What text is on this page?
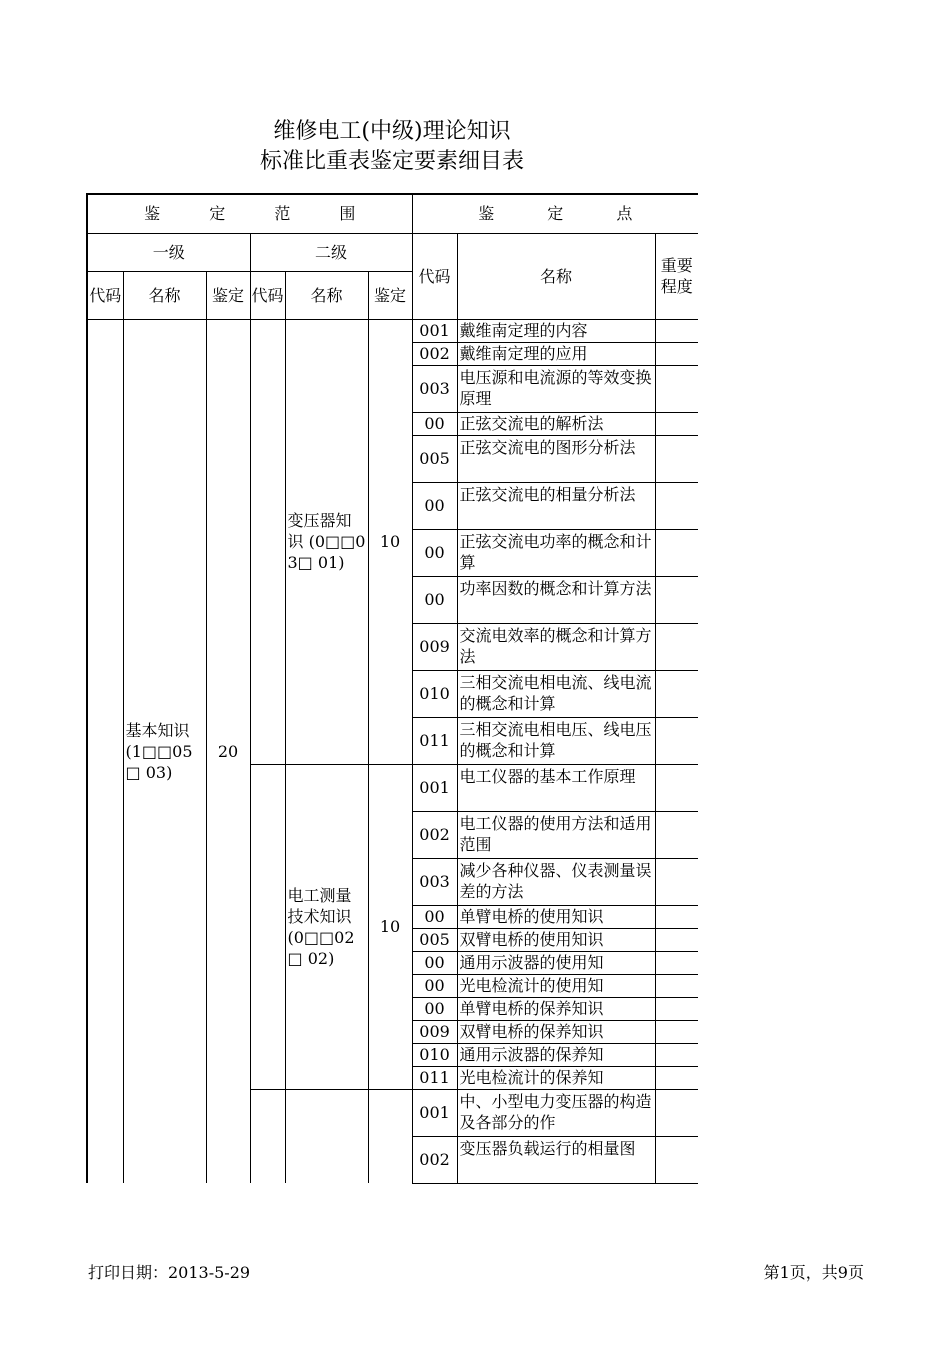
维修电工(中级)理论知识
标准比重表鉴定要素细目表
鉴 定 范 围						鉴 定 点		
一级			二级			代码	名称	重要程度
代码	名称	鉴定	代码	名称	鉴定			
	基本知识 (1□□05□ 03)	20		变压器知识 (0□□03□ 01)	10	001	戴维南定理的内容	
						002	戴维南定理的应用	
						003	电压源和电流源的等效变换原理	
						00	正弦交流电的解析法	
						005	正弦交流电的图形分析法	
						00	正弦交流电的相量分析法	
						00	正弦交流电功率的概念和计算	
						00	功率因数的概念和计算方法	
						009	交流电效率的概念和计算方法	
						010	三相交流电相电流、线电流的概念和计算	
						011	三相交流电相电压、线电压的概念和计算	
				电工测量技术知识 (0□□02□ 02)	10	001	电工仪器的基本工作原理	
						002	电工仪器的使用方法和适用范围	
						003	减少各种仪器、仪表测量误差的方法	
						00	单臂电桥的使用知识	
						005	双臂电桥的使用知识	
						00	通用示波器的使用知	
						00	光电检流计的使用知	
						00	单臂电桥的保养知识	
						009	双臂电桥的保养知识	
						010	通用示波器的保养知	
						011	光电检流计的保养知	
						001	中、小型电力变压器的构造及各部分的作	
						002	变压器负载运行的相量图	
打印日期：2013-5-29	第1页，共9页
